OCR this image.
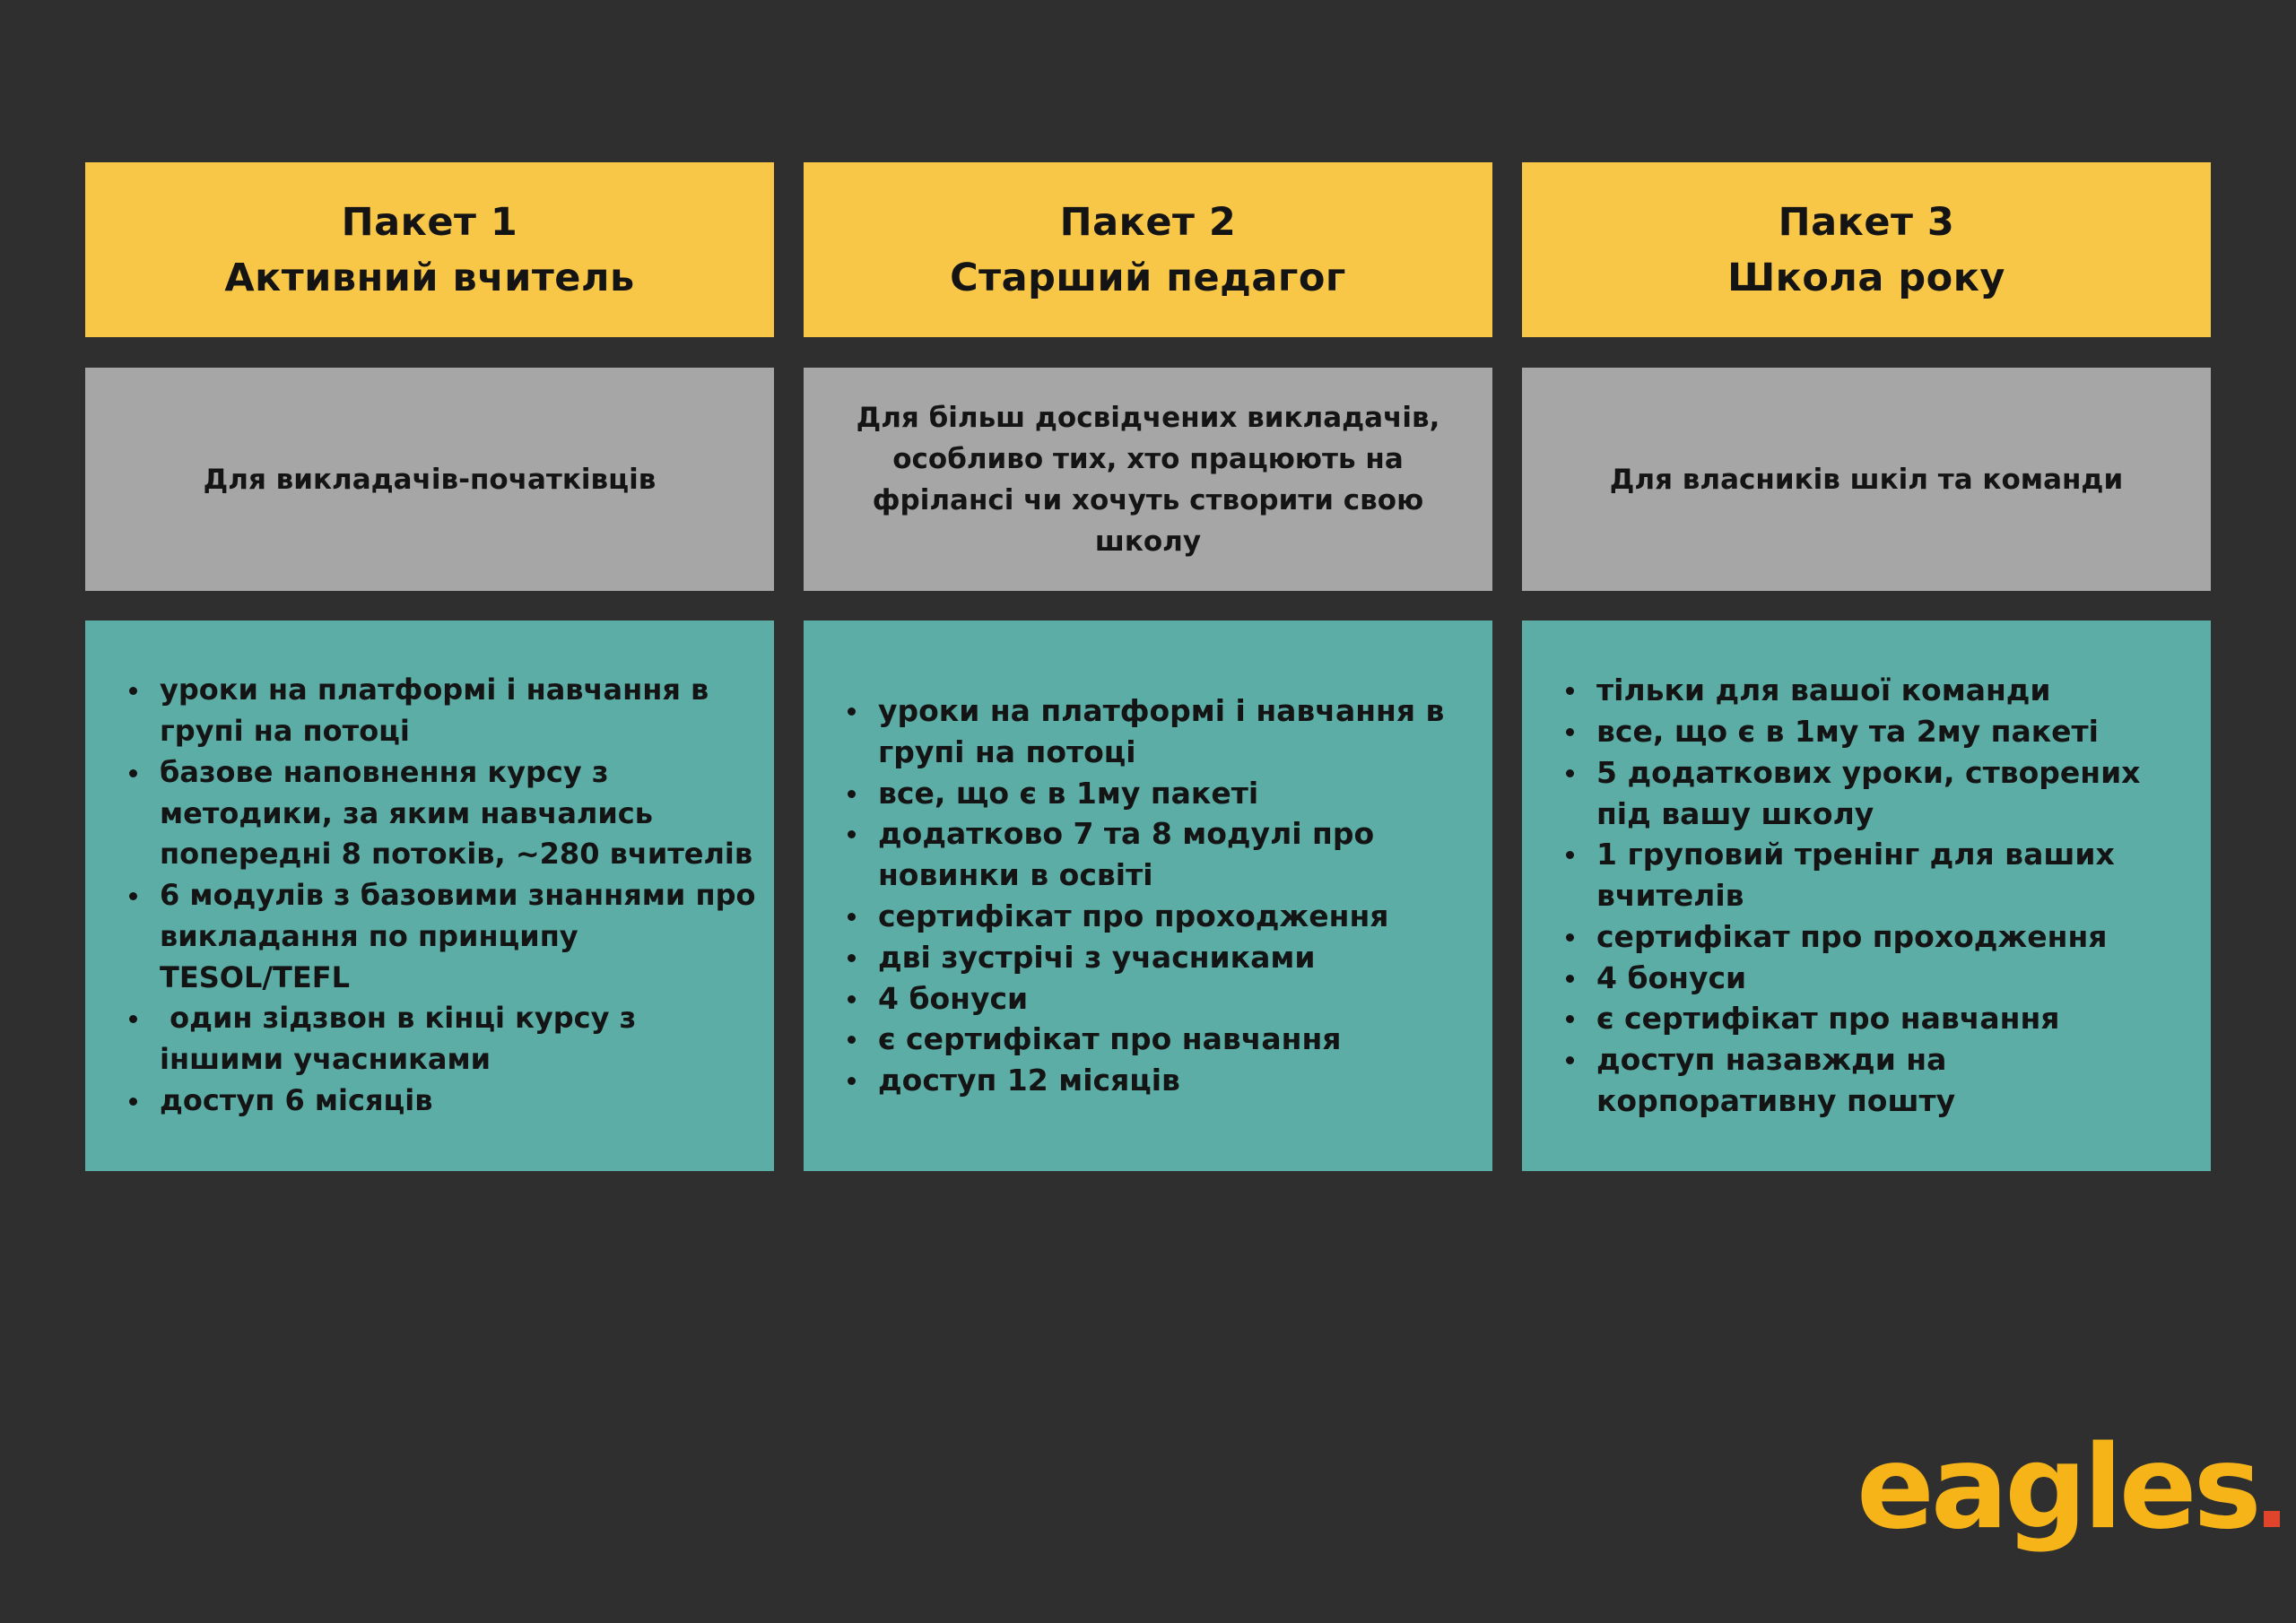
Пакет 1
Активний вчитель
Для викладачів-початківців
уроки на платформі і навчання в групі на потоці
базове наповнення курсу з методики, за яким навчались попередні 8 потоків, ~280 вчителів
6 модулів з базовими знаннями про викладання по принципу TESOL/TEFL
один зідзвон в кінці курсу з іншими учасниками
доступ 6 місяців
Пакет 2
Старший педагог
Для більш досвідчених викладачів, особливо тих, хто працюють на фрілансі чи хочуть створити свою школу
уроки на платформі і навчання в групі на потоці
все, що є в 1му пакеті
додатково 7 та 8 модулі про новинки в освіті
сертифікат про проходження
дві зустрічі з учасниками
4 бонуси
є сертифікат про навчання
доступ 12 місяців
Пакет 3
Школа року
Для власників шкіл та команди
тільки для вашої команди
все, що є в 1му та 2му пакеті
5 додаткових уроки, створених під вашу школу
1 груповий тренінг для ваших вчителів
сертифікат про проходження
4 бонуси
є сертифікат про навчання
доступ назавжди на корпоративну пошту
eagles
